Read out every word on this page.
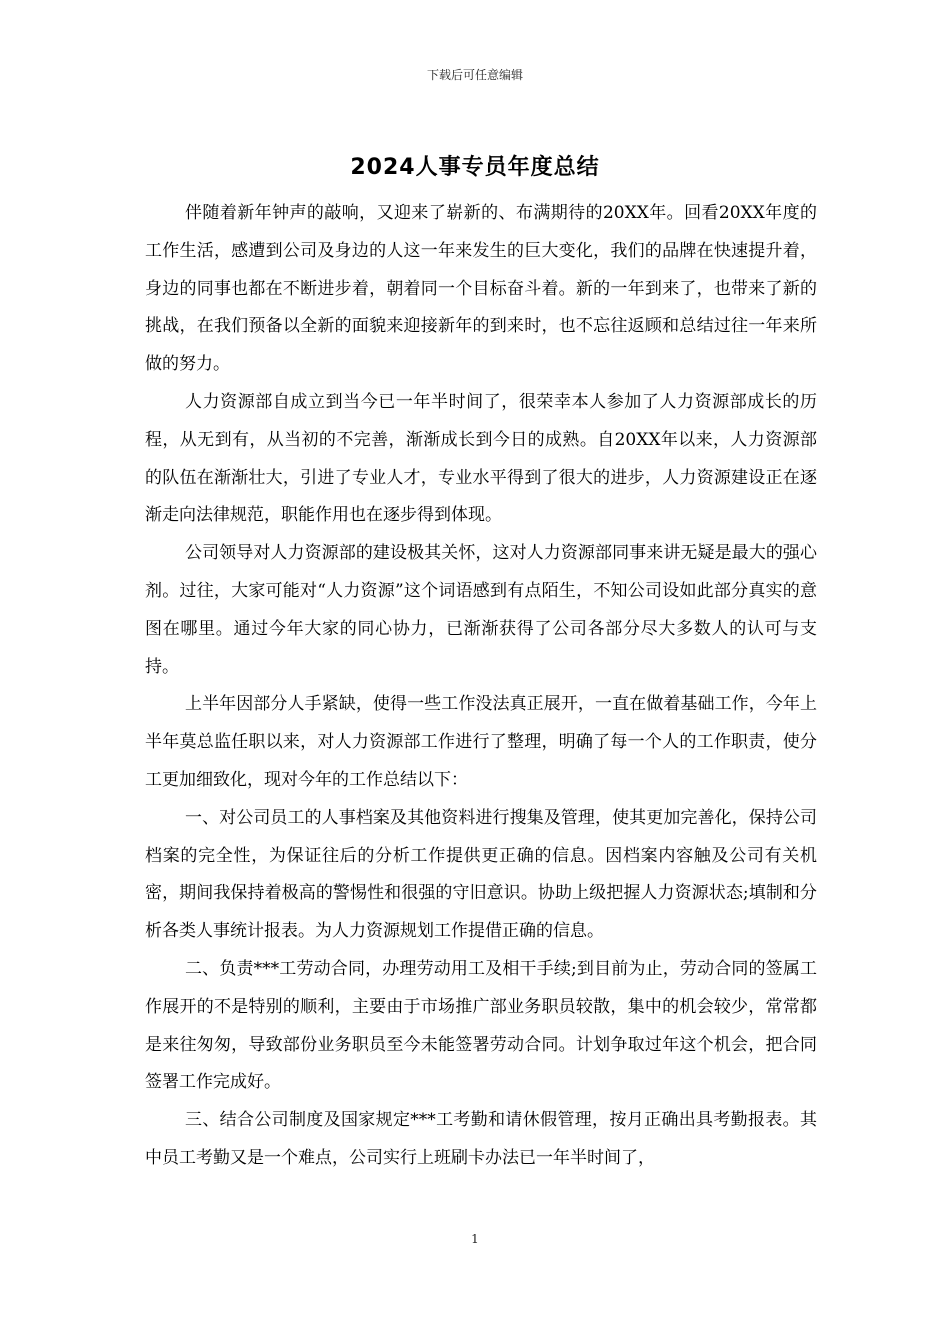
下载后可任意编辑
2024人事专员年度总结

伴随着新年钟声的敲响，又迎来了崭新的、布满期待的20XX年。回看20XX年度的工作生活，感遭到公司及身边的人这一年来发生的巨大变化，我们的品牌在快速提升着，身边的同事也都在不断进步着，朝着同一个目标奋斗着。新的一年到来了，也带来了新的挑战，在我们预备以全新的面貌来迎接新年的到来时，也不忘往返顾和总结过往一年来所做的努力。

人力资源部自成立到当今已一年半时间了，很荣幸本人参加了人力资源部成长的历程，从无到有，从当初的不完善，渐渐成长到今日的成熟。自20XX年以来，人力资源部的队伍在渐渐壮大，引进了专业人才，专业水平得到了很大的进步，人力资源建设正在逐渐走向法律规范，职能作用也在逐步得到体现。

公司领导对人力资源部的建设极其关怀，这对人力资源部同事来讲无疑是最大的强心剂。过往，大家可能对“人力资源”这个词语感到有点陌生，不知公司设如此部分真实的意图在哪里。通过今年大家的同心协力，已渐渐获得了公司各部分尽大多数人的认可与支持。

上半年因部分人手紧缺，使得一些工作没法真正展开，一直在做着基础工作，今年上半年莫总监任职以来，对人力资源部工作进行了整理，明确了每一个人的工作职责，使分工更加细致化，现对今年的工作总结以下：

一、对公司员工的人事档案及其他资料进行搜集及管理，使其更加完善化，保持公司档案的完全性，为保证往后的分析工作提供更正确的信息。因档案内容触及公司有关机密，期间我保持着极高的警惕性和很强的守旧意识。协助上级把握人力资源状态;填制和分析各类人事统计报表。为人力资源规划工作提借正确的信息。

二、负责***工劳动合同，办理劳动用工及相干手续;到目前为止，劳动合同的签属工作展开的不是特别的顺利，主要由于市场推广部业务职员较散，集中的机会较少，常常都是来往匆匆，导致部份业务职员至今未能签署劳动合同。计划争取过年这个机会，把合同签署工作完成好。

三、结合公司制度及国家规定***工考勤和请休假管理，按月正确出具考勤报表。其中员工考勤又是一个难点，公司实行上班刷卡办法已一年半时间了，

1
